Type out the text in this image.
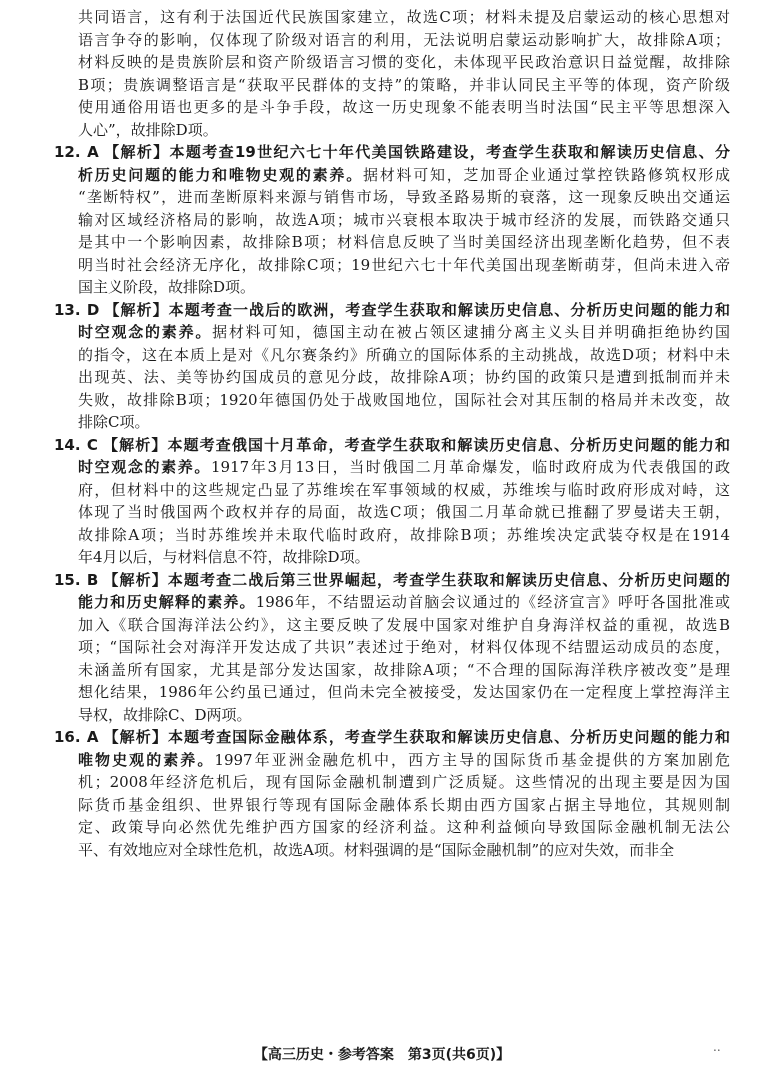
共同语言，这有利于法国近代民族国家建立，故选C项；材料未提及启蒙运动的核心思想对

语言争夺的影响，仅体现了阶级对语言的利用，无法说明启蒙运动影响扩大，故排除A项；

材料反映的是贵族阶层和资产阶级语言习惯的变化，未体现平民政治意识日益觉醒，故排除

B项；贵族调整语言是“获取平民群体的支持”的策略，并非认同民主平等的体现，资产阶级

使用通俗用语也更多的是斗争手段，故这一历史现象不能表明当时法国“民主平等思想深入

人心”，故排除D项。

12. A 【解析】本题考查19世纪六七十年代美国铁路建设，考查学生获取和解读历史信息、分

析历史问题的能力和唯物史观的素养。据材料可知，芝加哥企业通过掌控铁路修筑权形成

“垄断特权”，进而垄断原料来源与销售市场，导致圣路易斯的衰落，这一现象反映出交通运

输对区域经济格局的影响，故选A项；城市兴衰根本取决于城市经济的发展，而铁路交通只

是其中一个影响因素，故排除B项；材料信息反映了当时美国经济出现垄断化趋势，但不表

明当时社会经济无序化，故排除C项；19世纪六七十年代美国出现垄断萌芽，但尚未进入帝

国主义阶段，故排除D项。

13. D 【解析】本题考查一战后的欧洲，考查学生获取和解读历史信息、分析历史问题的能力和

时空观念的素养。据材料可知，德国主动在被占领区逮捕分离主义头目并明确拒绝协约国

的指令，这在本质上是对《凡尔赛条约》所确立的国际体系的主动挑战，故选D项；材料中未

出现英、法、美等协约国成员的意见分歧，故排除A项；协约国的政策只是遭到抵制而并未

失败，故排除B项；1920年德国仍处于战败国地位，国际社会对其压制的格局并未改变，故

排除C项。

14. C 【解析】本题考查俄国十月革命，考查学生获取和解读历史信息、分析历史问题的能力和

时空观念的素养。1917年3月13日，当时俄国二月革命爆发，临时政府成为代表俄国的政

府，但材料中的这些规定凸显了苏维埃在军事领域的权威，苏维埃与临时政府形成对峙，这

体现了当时俄国两个政权并存的局面，故选C项；俄国二月革命就已推翻了罗曼诺夫王朝，

故排除A项；当时苏维埃并未取代临时政府，故排除B项；苏维埃决定武装夺权是在1914

年4月以后，与材料信息不符，故排除D项。

15. B 【解析】本题考查二战后第三世界崛起，考查学生获取和解读历史信息、分析历史问题的

能力和历史解释的素养。1986年，不结盟运动首脑会议通过的《经济宣言》呼吁各国批准或

加入《联合国海洋法公约》，这主要反映了发展中国家对维护自身海洋权益的重视，故选B

项；“国际社会对海洋开发达成了共识”表述过于绝对，材料仅体现不结盟运动成员的态度，

未涵盖所有国家，尤其是部分发达国家，故排除A项；“不合理的国际海洋秩序被改变”是理

想化结果，1986年公约虽已通过，但尚未完全被接受，发达国家仍在一定程度上掌控海洋主

导权，故排除C、D两项。

16. A 【解析】本题考查国际金融体系，考查学生获取和解读历史信息、分析历史问题的能力和

唯物史观的素养。1997年亚洲金融危机中，西方主导的国际货币基金提供的方案加剧危

机；2008年经济危机后，现有国际金融机制遭到广泛质疑。这些情况的出现主要是因为国

际货币基金组织、世界银行等现有国际金融体系长期由西方国家占据主导地位，其规则制

定、政策导向必然优先维护西方国家的经济利益。这种利益倾向导致国际金融机制无法公

平、有效地应对全球性危机，故选A项。材料强调的是“国际金融机制”的应对失效，而非全

【高三历史・参考答案　第3页(共6页)】	..
